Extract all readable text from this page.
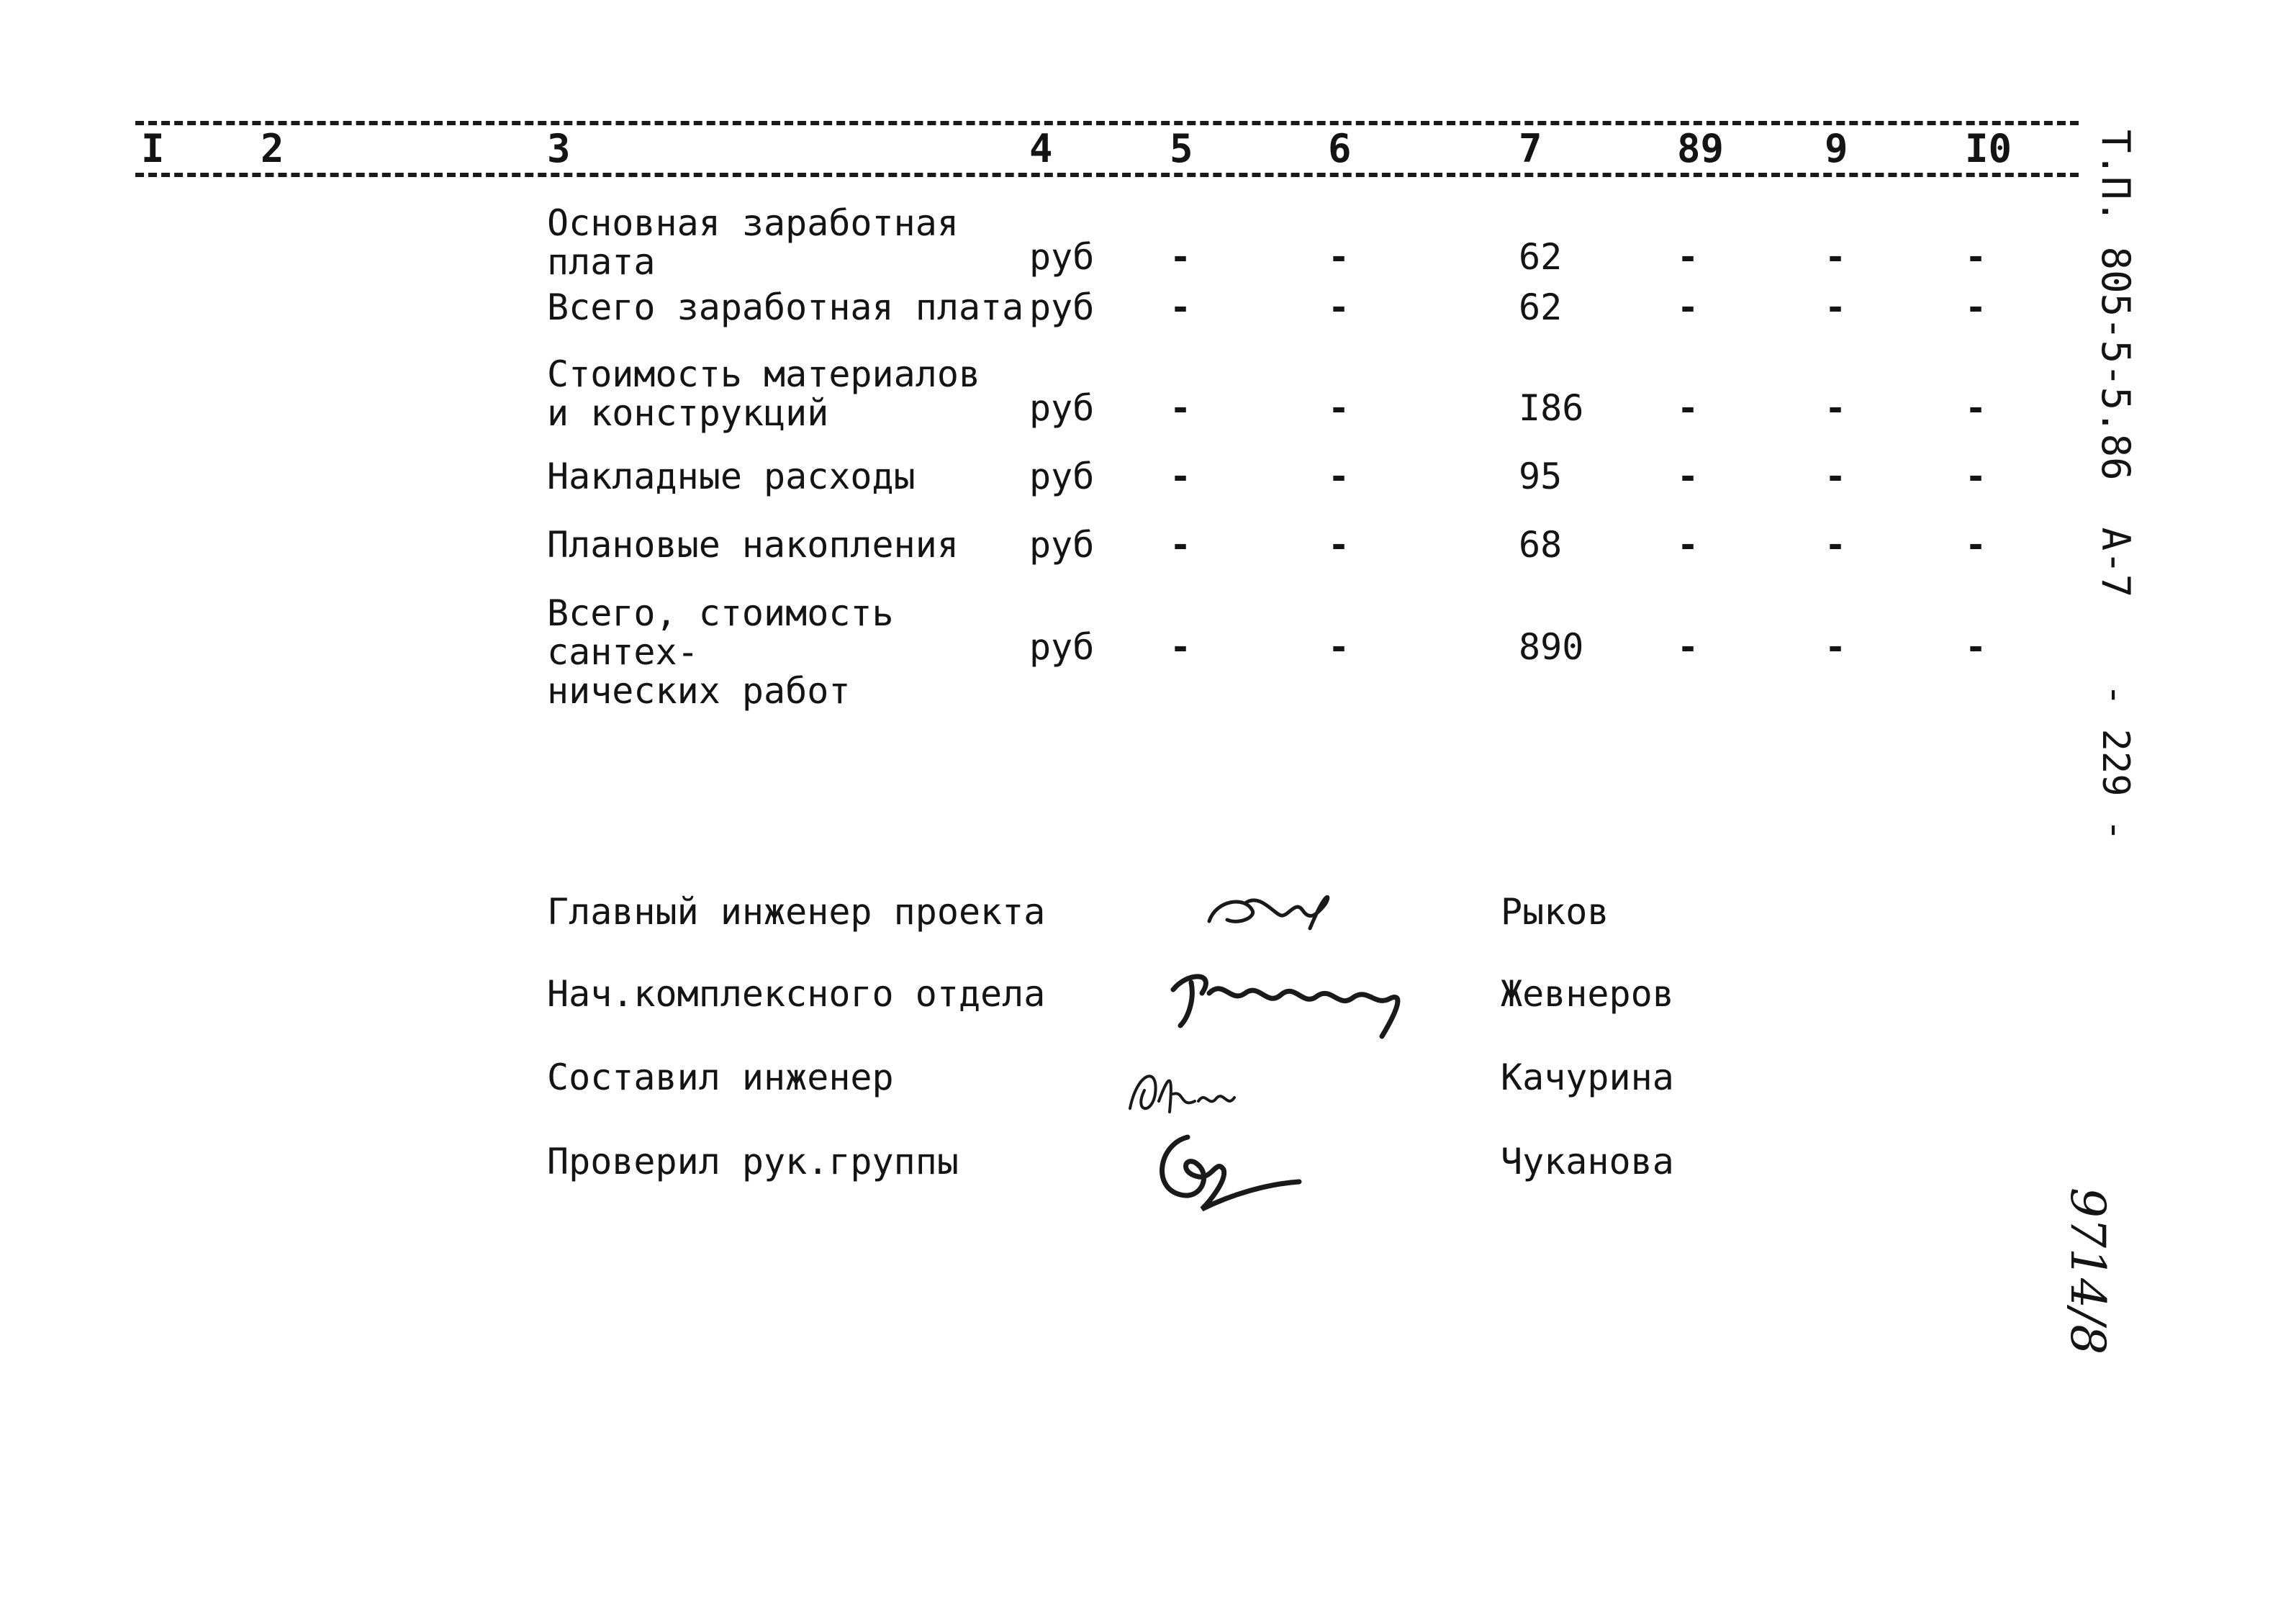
I 2	3	4	5	6	7	89	9	I0
Основная заработная
плата	руб -	-	62	-	-	-
Всего заработная плата руб -	-	62	-	-	-
Стоимость материалов
и конструкций	руб -	-	I86	-	-	-
Накладные расходы	руб -	-	95	-	-	-
Плановые накопления	руб -	-	68	-	-	-
Всего, стоимость сантех-
нических работ
руб -	-	890	-	-	-
Главный инженер проекта	Рыков
Нач.комплексного отдела	Жевнеров
Составил инженер	Качурина
Проверил рук.группы	Чуканова
Т.П. 805-5-5.86  А-7
- 229 -
9714/8
